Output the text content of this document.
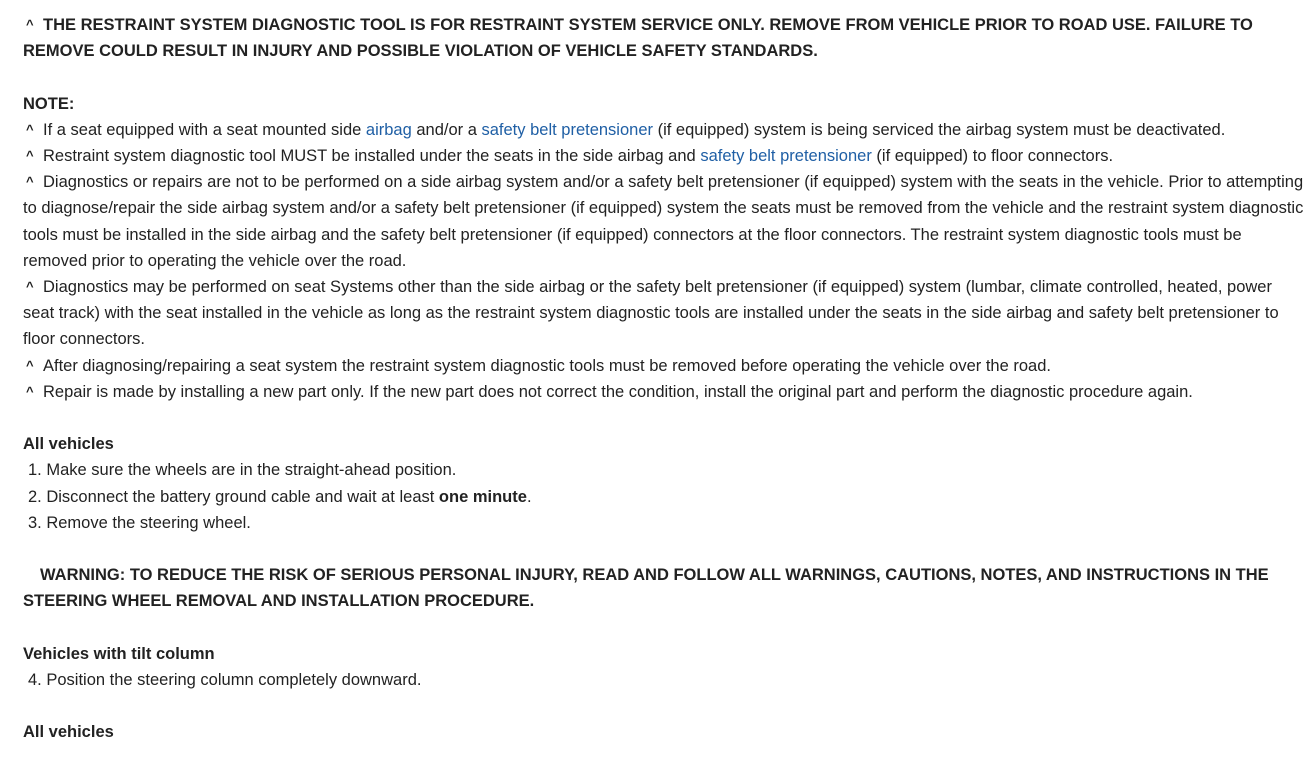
^ THE RESTRAINT SYSTEM DIAGNOSTIC TOOL IS FOR RESTRAINT SYSTEM SERVICE ONLY. REMOVE FROM VEHICLE PRIOR TO ROAD USE. FAILURE TO REMOVE COULD RESULT IN INJURY AND POSSIBLE VIOLATION OF VEHICLE SAFETY STANDARDS.
NOTE:
^ If a seat equipped with a seat mounted side airbag and/or a safety belt pretensioner (if equipped) system is being serviced the airbag system must be deactivated.
^ Restraint system diagnostic tool MUST be installed under the seats in the side airbag and safety belt pretensioner (if equipped) to floor connectors.
^ Diagnostics or repairs are not to be performed on a side airbag system and/or a safety belt pretensioner (if equipped) system with the seats in the vehicle. Prior to attempting to diagnose/repair the side airbag system and/or a safety belt pretensioner (if equipped) system the seats must be removed from the vehicle and the restraint system diagnostic tools must be installed in the side airbag and the safety belt pretensioner (if equipped) connectors at the floor connectors. The restraint system diagnostic tools must be removed prior to operating the vehicle over the road.
^ Diagnostics may be performed on seat Systems other than the side airbag or the safety belt pretensioner (if equipped) system (lumbar, climate controlled, heated, power seat track) with the seat installed in the vehicle as long as the restraint system diagnostic tools are installed under the seats in the side airbag and safety belt pretensioner to floor connectors.
^ After diagnosing/repairing a seat system the restraint system diagnostic tools must be removed before operating the vehicle over the road.
^ Repair is made by installing a new part only. If the new part does not correct the condition, install the original part and perform the diagnostic procedure again.
All vehicles
1. Make sure the wheels are in the straight-ahead position.
2. Disconnect the battery ground cable and wait at least one minute.
3. Remove the steering wheel.
WARNING: TO REDUCE THE RISK OF SERIOUS PERSONAL INJURY, READ AND FOLLOW ALL WARNINGS, CAUTIONS, NOTES, AND INSTRUCTIONS IN THE STEERING WHEEL REMOVAL AND INSTALLATION PROCEDURE.
Vehicles with tilt column
4. Position the steering column completely downward.
All vehicles
